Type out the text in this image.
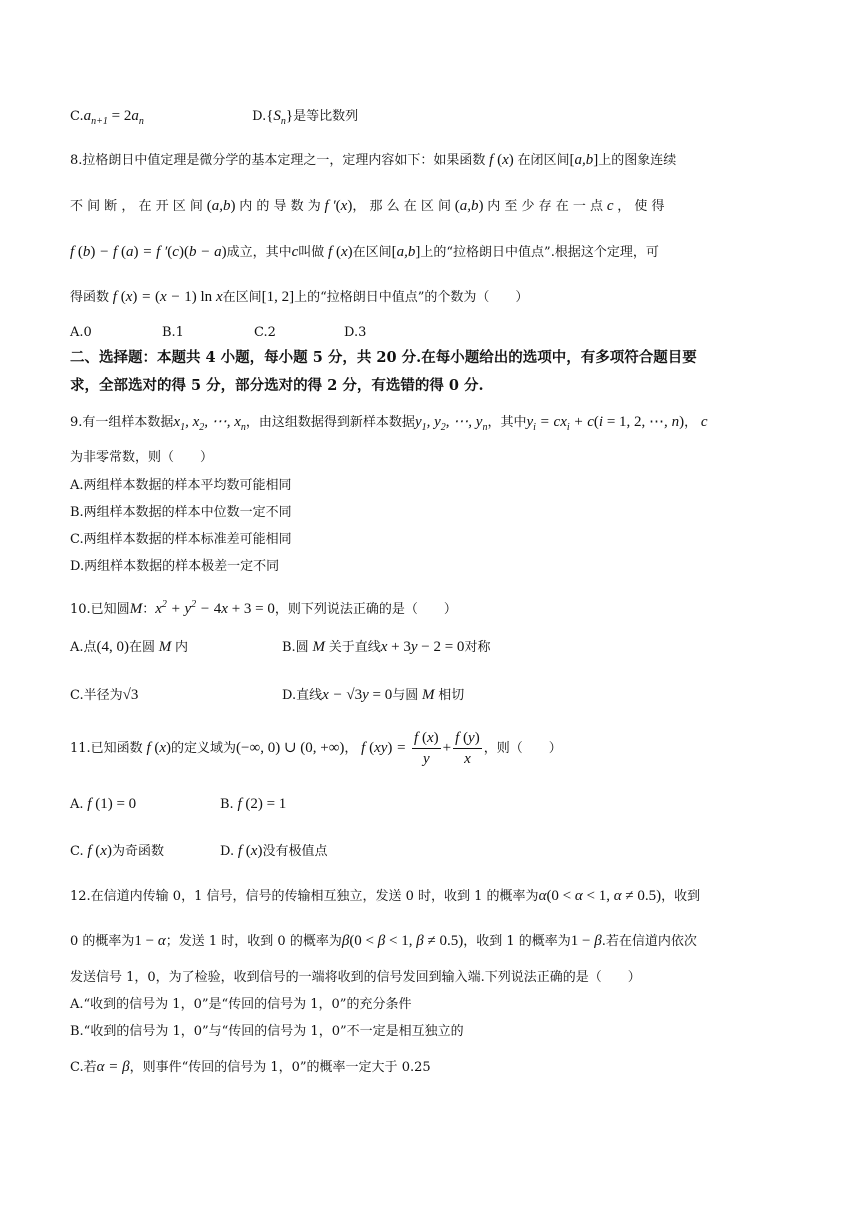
$C.a_{n+1} = 2a_n$	$D.\{S_n\}$是等比数列
8.拉格朗日中值定理是微分学的基本定理之一，定理内容如下：如果函数 f (x) 在闭区间[a,b]上的图象连续
不 间 断 ， 在 开 区 间 (a,b) 内 的 导 数 为 f ′(x)， 那 么 在 区 间 (a,b) 内 至 少 存 在 一 点 c ， 使 得
f (b) − f (a) = f ′(c)(b − a)成立，其中c叫做 f (x)在区间[a,b]上的“拉格朗日中值点”.根据这个定理，可
得函数 f (x) = (x − 1) ln x在区间[1, 2]上的“拉格朗日中值点”的个数为（　　）
A.0	B.1	C.2	D.3
二、选择题：本题共 4 小题，每小题 5 分，共 20 分.在每小题给出的选项中，有多项符合题目要
求，全部选对的得 5 分，部分选对的得 2 分，有选错的得 0 分.
9.有一组样本数据$x_1$, $x_2$, ⋯, $x_n$，由这组数据得到新样本数据$y_1$, $y_2$, ⋯, $y_n$，其中$y_i = cx_i + c(i = 1$, 2, ⋯, n)， c
为非零常数，则（　　）
A.两组样本数据的样本平均数可能相同
B.两组样本数据的样本中位数一定不同
C.两组样本数据的样本标准差可能相同
D.两组样本数据的样本极差一定不同
10.已知圆M：$x^2 + y^2 - 4x + 3 = 0$，则下列说法正确的是（　　）
A.点(4, 0)在圆 M 内	B.圆 M 关于直线x + 3y − 2 = 0对称
C.半径为√3	D.直线x − √3y = 0与圆 M 相切
11.已知函数 f (x)的定义域为(−∞, 0) ∪ (0, +∞)， f $(xy) = \frac{f (x)}{y} + \frac{f (y)}{x}$ ，则（　　）
A. f (1) = 0	B. f (2) = 1
C. f (x)为奇函数	D. f (x)没有极值点
12.在信道内传输 0，1 信号，信号的传输相互独立，发送 0 时，收到 1 的概率为α(0 < α < 1, α ≠ 0.5)，收到
0 的概率为1 − α；发送 1 时，收到 0 的概率为β(0 < β < 1, β ≠ 0.5)，收到 1 的概率为1 − β.若在信道内依次
发送信号 1，0，为了检验，收到信号的一端将收到的信号发回到输入端.下列说法正确的是（　　）
A.“收到的信号为 1，0”是“传回的信号为 1，0”的充分条件
B.“收到的信号为 1，0”与“传回的信号为 1，0”不一定是相互独立的
C.若α = β，则事件“传回的信号为 1，0”的概率一定大于 0.25
